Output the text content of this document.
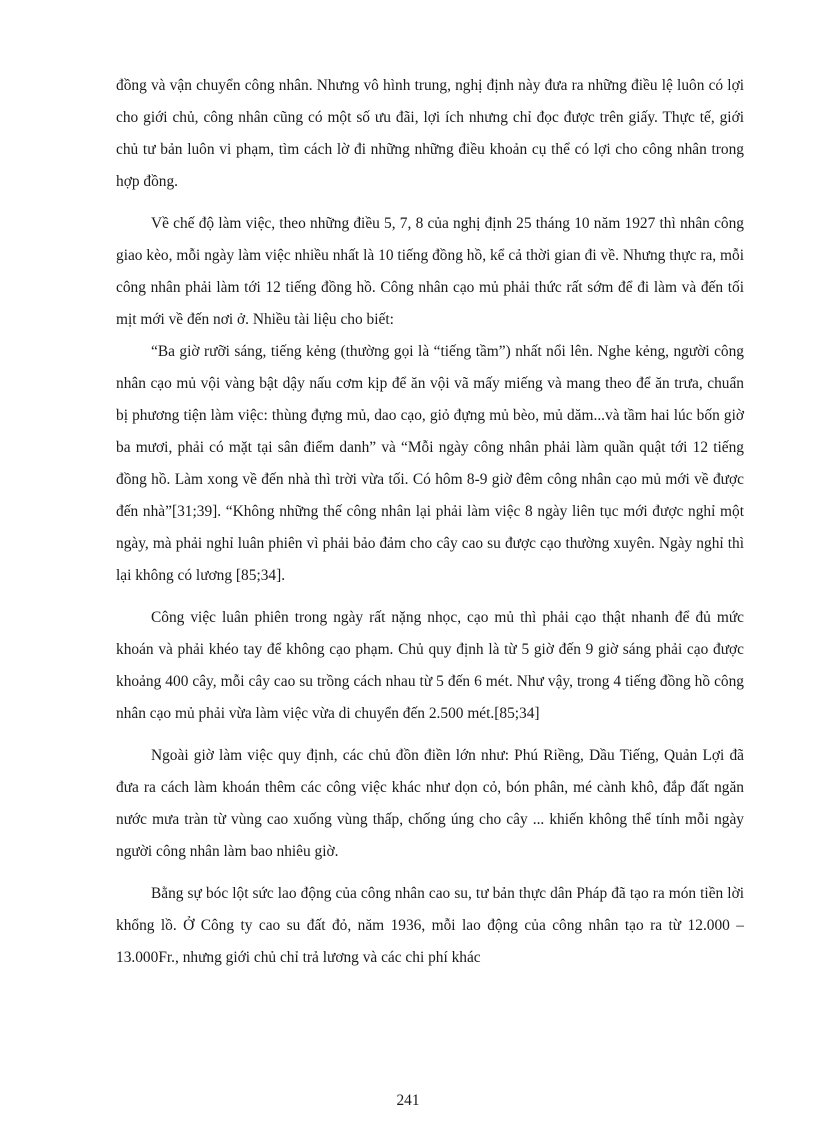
đồng và vận chuyển công nhân. Nhưng vô hình trung, nghị định này đưa ra những điều lệ luôn có lợi cho giới chủ, công nhân cũng có một số ưu đãi, lợi ích nhưng chỉ đọc được trên giấy. Thực tế, giới chủ tư bản luôn vi phạm, tìm cách lờ đi những những điều khoản cụ thể có lợi cho công nhân trong hợp đồng.

Về chế độ làm việc, theo những điều 5, 7, 8 của nghị định 25 tháng 10 năm 1927 thì nhân công giao kèo, mỗi ngày làm việc nhiều nhất là 10 tiếng đồng hồ, kể cả thời gian đi về. Nhưng thực ra, mỗi công nhân phải làm tới 12 tiếng đồng hồ. Công nhân cạo mủ phải thức rất sớm để đi làm và đến tối mịt mới về đến nơi ở. Nhiều tài liệu cho biết:

“Ba giờ rưỡi sáng, tiếng kẻng (thường gọi là “tiếng tầm”) nhất nổi lên. Nghe kẻng, người công nhân cạo mủ vội vàng bật dậy nấu cơm kịp để ăn vội vã mấy miếng và mang theo để ăn trưa, chuẩn bị phương tiện làm việc: thùng đựng mủ, dao cạo, giỏ đựng mủ bèo, mủ dăm...và tầm hai lúc bốn giờ ba mươi, phải có mặt tại sân điểm danh” và “Mỗi ngày công nhân phải làm quần quật tới 12 tiếng đồng hồ. Làm xong về đến nhà thì trời vừa tối. Có hôm 8-9 giờ đêm công nhân cạo mủ mới về được đến nhà”[31;39]. “Không những thế công nhân lại phải làm việc 8 ngày liên tục mới được nghỉ một ngày, mà phải nghỉ luân phiên vì phải bảo đảm cho cây cao su được cạo thường xuyên. Ngày nghỉ thì lại không có lương [85;34].

Công việc luân phiên trong ngày rất nặng nhọc, cạo mủ thì phải cạo thật nhanh để đủ mức khoán và phải khéo tay để không cạo phạm. Chủ quy định là từ 5 giờ đến 9 giờ sáng phải cạo được khoảng 400 cây, mỗi cây cao su trồng cách nhau từ 5 đến 6 mét. Như vậy, trong 4 tiếng đồng hồ công nhân cạo mủ phải vừa làm việc vừa di chuyển đến 2.500 mét.[85;34]

Ngoài giờ làm việc quy định, các chủ đồn điền lớn như: Phú Riềng, Dầu Tiếng, Quản Lợi đã đưa ra cách làm khoán thêm các công việc khác như dọn cỏ, bón phân, mé cành khô, đắp đất ngăn nước mưa tràn từ vùng cao xuống vùng thấp, chống úng cho cây ... khiến không thể tính mỗi ngày người công nhân làm bao nhiêu giờ.

Bằng sự bóc lột sức lao động của công nhân cao su, tư bản thực dân Pháp đã tạo ra món tiền lời khổng lồ. Ở Công ty cao su đất đỏ, năm 1936, mỗi lao động của công nhân tạo ra từ 12.000 – 13.000Fr., nhưng giới chủ chỉ trả lương và các chi phí khác

241
